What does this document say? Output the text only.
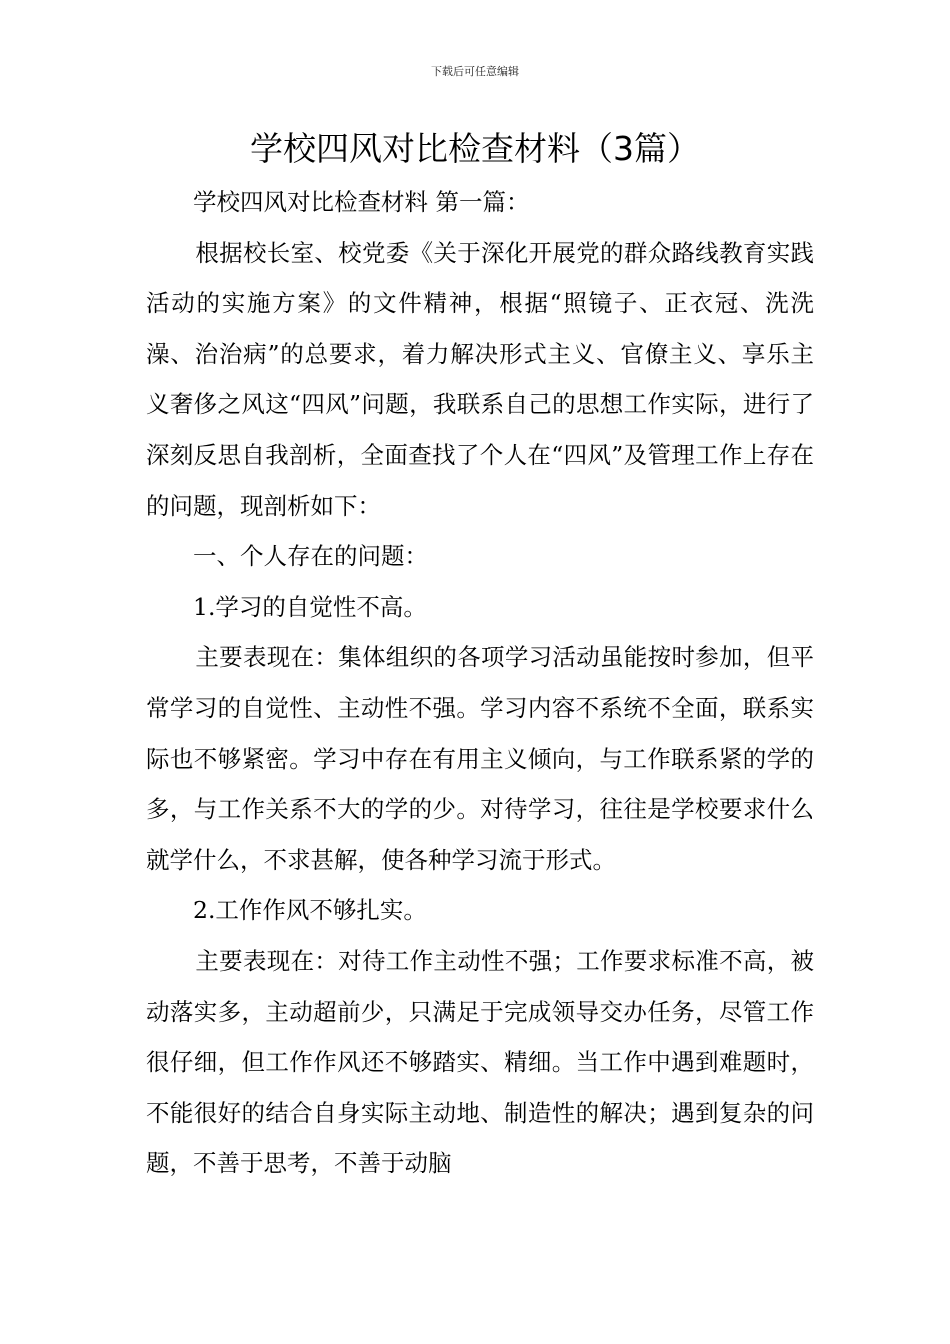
下载后可任意编辑
学校四风对比检查材料（3篇）

学校四风对比检查材料 第一篇：

根据校长室、校党委《关于深化开展党的群众路线教育实践活动的实施方案》的文件精神，根据“照镜子、正衣冠、洗洗澡、治治病”的总要求，着力解决形式主义、官僚主义、享乐主义奢侈之风这“四风”问题，我联系自己的思想工作实际，进行了深刻反思自我剖析，全面查找了个人在“四风”及管理工作上存在的问题，现剖析如下：

一、个人存在的问题：

1.学习的自觉性不高。

主要表现在：集体组织的各项学习活动虽能按时参加，但平常学习的自觉性、主动性不强。学习内容不系统不全面，联系实际也不够紧密。学习中存在有用主义倾向，与工作联系紧的学的多，与工作关系不大的学的少。对待学习，往往是学校要求什么就学什么，不求甚解，使各种学习流于形式。

2.工作作风不够扎实。

主要表现在：对待工作主动性不强；工作要求标准不高，被动落实多，主动超前少，只满足于完成领导交办任务，尽管工作很仔细，但工作作风还不够踏实、精细。当工作中遇到难题时，不能很好的结合自身实际主动地、制造性的解决；遇到复杂的问题，不善于思考，不善于动脑
